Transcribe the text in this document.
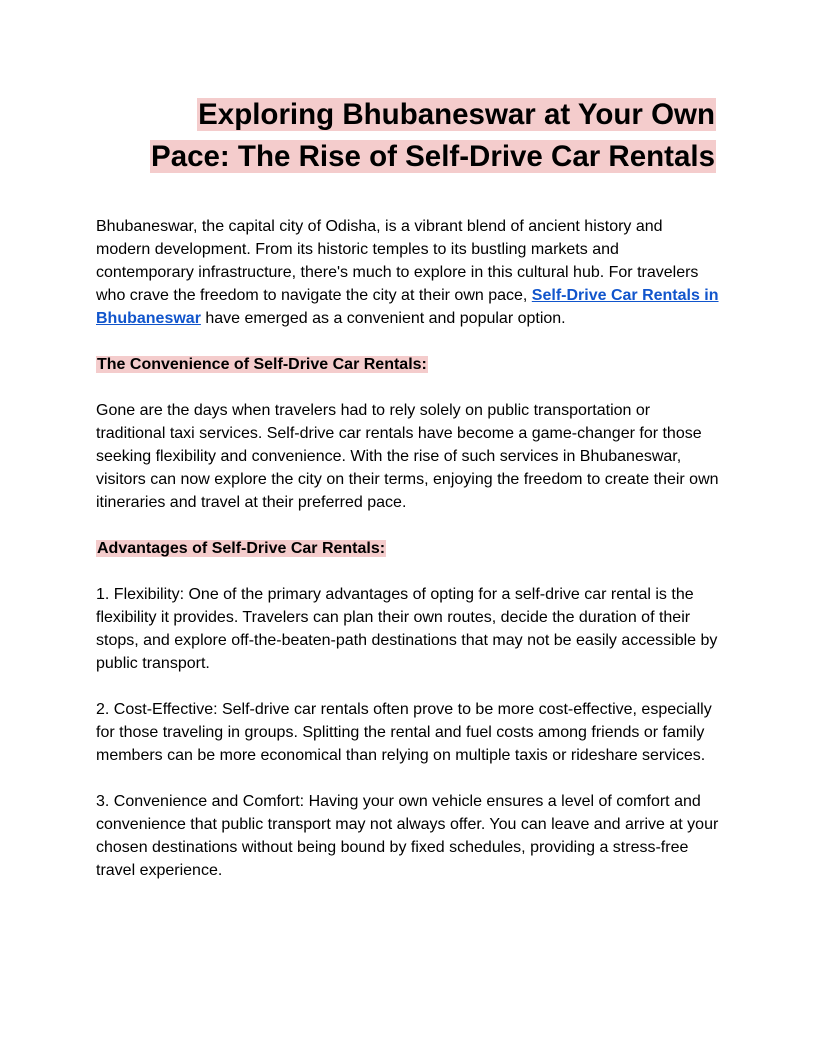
Exploring Bhubaneswar at Your Own
Pace: The Rise of Self-Drive Car Rentals

Bhubaneswar, the capital city of Odisha, is a vibrant blend of ancient history and modern development. From its historic temples to its bustling markets and contemporary infrastructure, there's much to explore in this cultural hub. For travelers who crave the freedom to navigate the city at their own pace, Self-Drive Car Rentals in Bhubaneswar have emerged as a convenient and popular option.

The Convenience of Self-Drive Car Rentals:

Gone are the days when travelers had to rely solely on public transportation or traditional taxi services. Self-drive car rentals have become a game-changer for those seeking flexibility and convenience. With the rise of such services in Bhubaneswar, visitors can now explore the city on their terms, enjoying the freedom to create their own itineraries and travel at their preferred pace.

Advantages of Self-Drive Car Rentals:

1. Flexibility: One of the primary advantages of opting for a self-drive car rental is the flexibility it provides. Travelers can plan their own routes, decide the duration of their stops, and explore off-the-beaten-path destinations that may not be easily accessible by public transport.

2. Cost-Effective: Self-drive car rentals often prove to be more cost-effective, especially for those traveling in groups. Splitting the rental and fuel costs among friends or family members can be more economical than relying on multiple taxis or rideshare services.

3. Convenience and Comfort: Having your own vehicle ensures a level of comfort and convenience that public transport may not always offer. You can leave and arrive at your chosen destinations without being bound by fixed schedules, providing a stress-free travel experience.
